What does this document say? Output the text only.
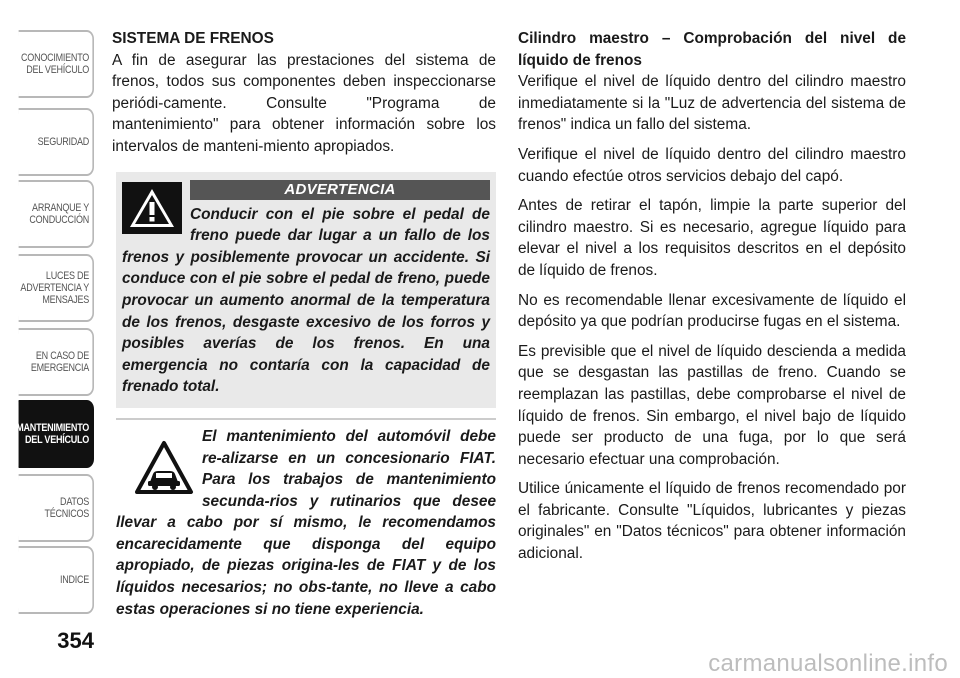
CONOCIMIENTO
DEL VEHÍCULO
SEGURIDAD
ARRANQUE Y
CONDUCCIÓN
LUCES DE
ADVERTENCIA Y
MENSAJES
EN CASO DE
EMERGENCIA
MANTENIMIENTO
DEL VEHÍCULO
DATOS
TÉCNICOS
INDICE
354

SISTEMA DE FRENOS

A fin de asegurar las prestaciones del sistema de frenos, todos sus componentes deben inspeccionarse periódi-camente. Consulte "Programa de mantenimiento" para obtener información sobre los intervalos de manteni-miento apropiados.

ADVERTENCIA
Conducir con el pie sobre el pedal de freno puede dar lugar a un fallo de los frenos y posiblemente provocar un accidente. Si conduce con el pie sobre el pedal de freno, puede provocar un aumento anormal de la temperatura de los frenos, desgaste excesivo de los forros y posibles averías de los frenos. En una emergencia no contaría con la capacidad de frenado total.
El mantenimiento del automóvil debe re-alizarse en un concesionario FIAT. Para los trabajos de mantenimiento secunda-rios y rutinarios que desee llevar a cabo por sí mismo, le recomendamos encarecidamente que disponga del equipo apropiado, de piezas origina-les de FIAT y de los líquidos necesarios; no obs-tante, no lleve a cabo estas operaciones si no tiene experiencia.

Cilindro maestro – Comprobación del nivel de líquido de frenos

Verifique el nivel de líquido dentro del cilindro maestro inmediatamente si la "Luz de advertencia del sistema de frenos" indica un fallo del sistema.

Verifique el nivel de líquido dentro del cilindro maestro cuando efectúe otros servicios debajo del capó.

Antes de retirar el tapón, limpie la parte superior del cilindro maestro. Si es necesario, agregue líquido para elevar el nivel a los requisitos descritos en el depósito de líquido de frenos.

No es recomendable llenar excesivamente de líquido el depósito ya que podrían producirse fugas en el sistema.

Es previsible que el nivel de líquido descienda a medida que se desgastan las pastillas de freno. Cuando se reemplazan las pastillas, debe comprobarse el nivel de líquido de frenos. Sin embargo, el nivel bajo de líquido puede ser producto de una fuga, por lo que será necesario efectuar una comprobación.

Utilice únicamente el líquido de frenos recomendado por el fabricante. Consulte "Líquidos, lubricantes y piezas originales" en "Datos técnicos" para obtener información adicional.

carmanualsonline.info
